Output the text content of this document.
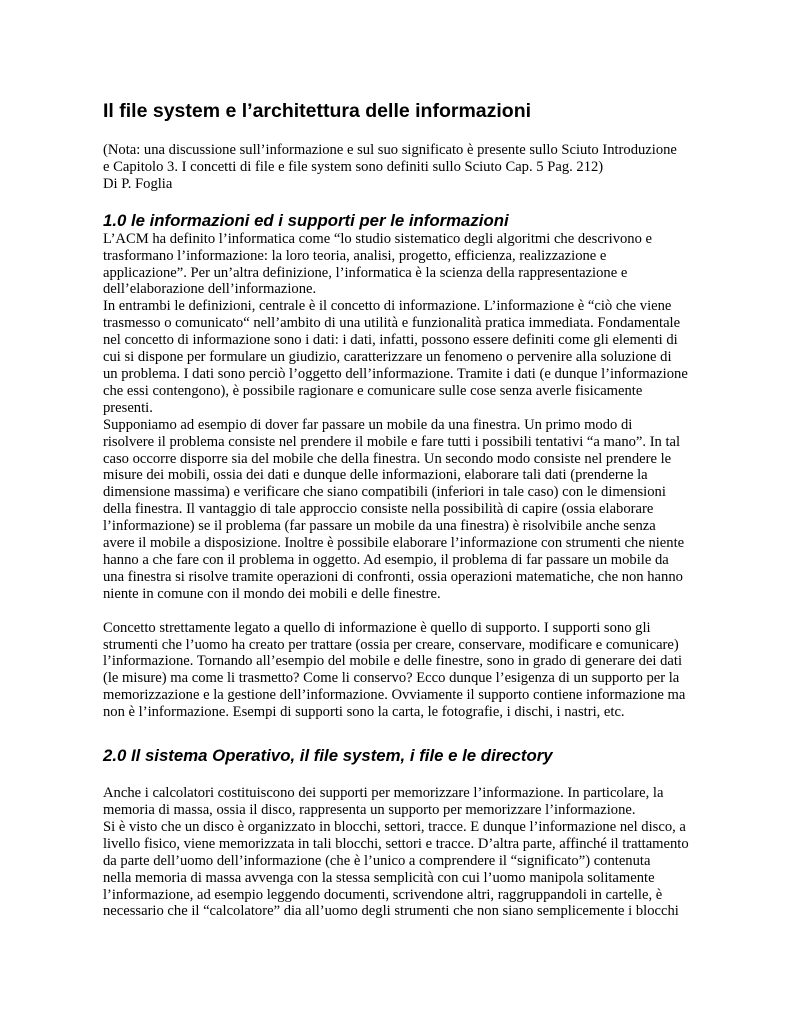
Il file system e l’architettura delle informazioni

(Nota: una discussione sull’informazione e sul suo significato è presente sullo Sciuto Introduzione
e Capitolo 3. I concetti di file e file system sono definiti sullo Sciuto Cap. 5 Pag. 212)
Di P. Foglia

1.0 le informazioni ed i supporti per le informazioni

L’ACM ha definito l’informatica come “lo studio sistematico degli algoritmi che descrivono e
trasformano l’informazione: la loro teoria, analisi, progetto, efficienza, realizzazione e
applicazione”. Per un’altra definizione, l’informatica è la scienza della rappresentazione e
dell’elaborazione dell’informazione.
In entrambi le definizioni, centrale è il concetto di informazione. L’informazione è “ciò che viene
trasmesso o comunicato“ nell’ambito di una utilità e funzionalità pratica immediata. Fondamentale
nel concetto di informazione sono i dati: i dati, infatti, possono essere definiti come gli elementi di
cui si dispone per formulare un giudizio, caratterizzare un fenomeno o pervenire alla soluzione di
un problema. I dati sono perciò l’oggetto dell’informazione. Tramite i dati (e dunque l’informazione
che essi contengono), è possibile ragionare e comunicare sulle cose senza averle fisicamente
presenti.
Supponiamo ad esempio di dover far passare un mobile da una finestra. Un primo modo di
risolvere il problema consiste nel prendere il mobile e fare tutti i possibili tentativi “a mano”. In tal
caso occorre disporre sia del mobile che della finestra. Un secondo modo consiste nel prendere le
misure dei mobili, ossia dei dati e dunque delle informazioni, elaborare tali dati (prenderne la
dimensione massima) e verificare che siano compatibili (inferiori in tale caso) con le dimensioni
della finestra. Il vantaggio di tale approccio consiste nella possibilità di capire (ossia elaborare
l’informazione) se il problema (far passare un mobile da una finestra) è risolvibile anche senza
avere il mobile a disposizione. Inoltre è possibile elaborare l’informazione con strumenti che niente
hanno a che fare con il problema in oggetto. Ad esempio, il problema di far passare un mobile da
una finestra si risolve tramite operazioni di confronti, ossia operazioni matematiche, che non hanno
niente in comune con il mondo dei mobili e delle finestre.

Concetto strettamente legato a quello di informazione è quello di supporto. I supporti sono gli
strumenti che l’uomo ha creato per trattare (ossia per creare, conservare, modificare e comunicare)
l’informazione. Tornando all’esempio del mobile e delle finestre, sono in grado di generare dei dati
(le misure) ma come li trasmetto? Come li conservo? Ecco dunque l’esigenza di un supporto per la
memorizzazione e la gestione dell’informazione. Ovviamente il supporto contiene informazione ma
non è l’informazione. Esempi di supporti sono la carta, le fotografie, i dischi, i nastri, etc.

2.0 Il sistema Operativo, il file system, i file e le directory

Anche i calcolatori costituiscono dei supporti per memorizzare l’informazione. In particolare, la
memoria di massa, ossia il disco, rappresenta un supporto per memorizzare l’informazione.
Si è visto che un disco è organizzato in blocchi, settori, tracce. E dunque l’informazione nel disco, a
livello fisico, viene memorizzata in tali blocchi, settori e tracce. D’altra parte, affinché il trattamento
da parte dell’uomo dell’informazione (che è l’unico a comprendere il “significato”) contenuta
nella memoria di massa avvenga con la stessa semplicità con cui l’uomo manipola solitamente
l’informazione, ad esempio leggendo documenti, scrivendone altri, raggruppandoli in cartelle, è
necessario che il “calcolatore” dia all’uomo degli strumenti che non siano semplicemente i blocchi
